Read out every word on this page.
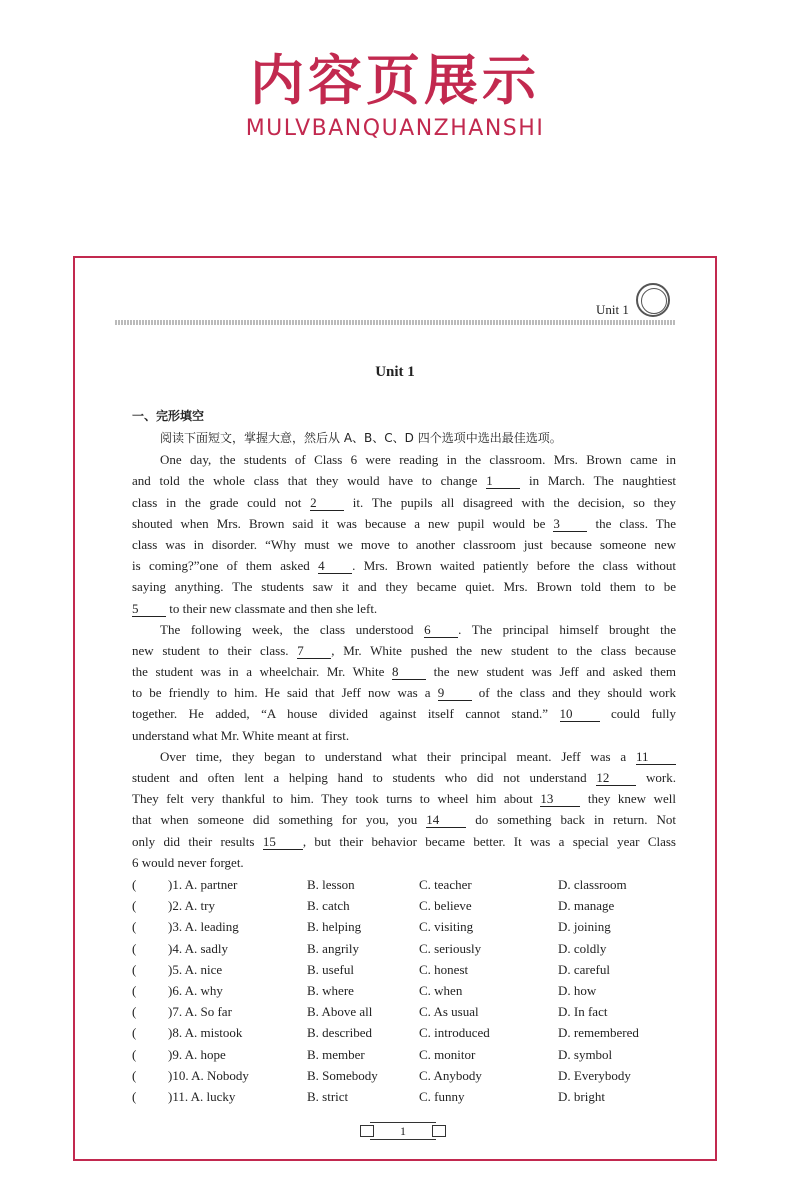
内容页展示
MULVBANQUANZHANSHI
Unit 1
Unit 1
一、完形填空
阅读下面短文，掌握大意，然后从 A、B、C、D 四个选项中选出最佳选项。
One day, the students of Class 6 were reading in the classroom. Mrs. Brown came in
and told the whole class that they would have to change 1 in March. The naughtiest
class in the grade could not 2 it. The pupils all disagreed with the decision, so they
shouted when Mrs. Brown said it was because a new pupil would be 3 the class. The
class was in disorder. “Why must we move to another classroom just because someone new
is coming?”one of them asked 4 . Mrs. Brown waited patiently before the class without
saying anything. The students saw it and they became quiet. Mrs. Brown told them to be
5 to their new classmate and then she left.
The following week, the class understood 6 . The principal himself brought the
new student to their class. 7 , Mr. White pushed the new student to the class because
the student was in a wheelchair. Mr. White 8 the new student was Jeff and asked them
to be friendly to him. He said that Jeff now was a 9 of the class and they should work
together. He added, “A house divided against itself cannot stand.” 10 could fully
understand what Mr. White meant at first.
Over time, they began to understand what their principal meant. Jeff was a 11
student and often lent a helping hand to students who did not understand 12 work.
They felt very thankful to him. They took turns to wheel him about 13 they knew well
that when someone did something for you, you 14 do something back in return. Not
only did their results 15 , but their behavior became better. It was a special year Class
6 would never forget.
( )1. A. partner	B. lesson	C. teacher	D. classroom
( )2. A. try	B. catch	C. believe	D. manage
( )3. A. leading	B. helping	C. visiting	D. joining
( )4. A. sadly	B. angrily	C. seriously	D. coldly
( )5. A. nice	B. useful	C. honest	D. careful
( )6. A. why	B. where	C. when	D. how
( )7. A. So far	B. Above all	C. As usual	D. In fact
( )8. A. mistook	B. described	C. introduced	D. remembered
( )9. A. hope	B. member	C. monitor	D. symbol
( )10. A. Nobody	B. Somebody	C. Anybody	D. Everybody
( )11. A. lucky	B. strict	C. funny	D. bright
1
